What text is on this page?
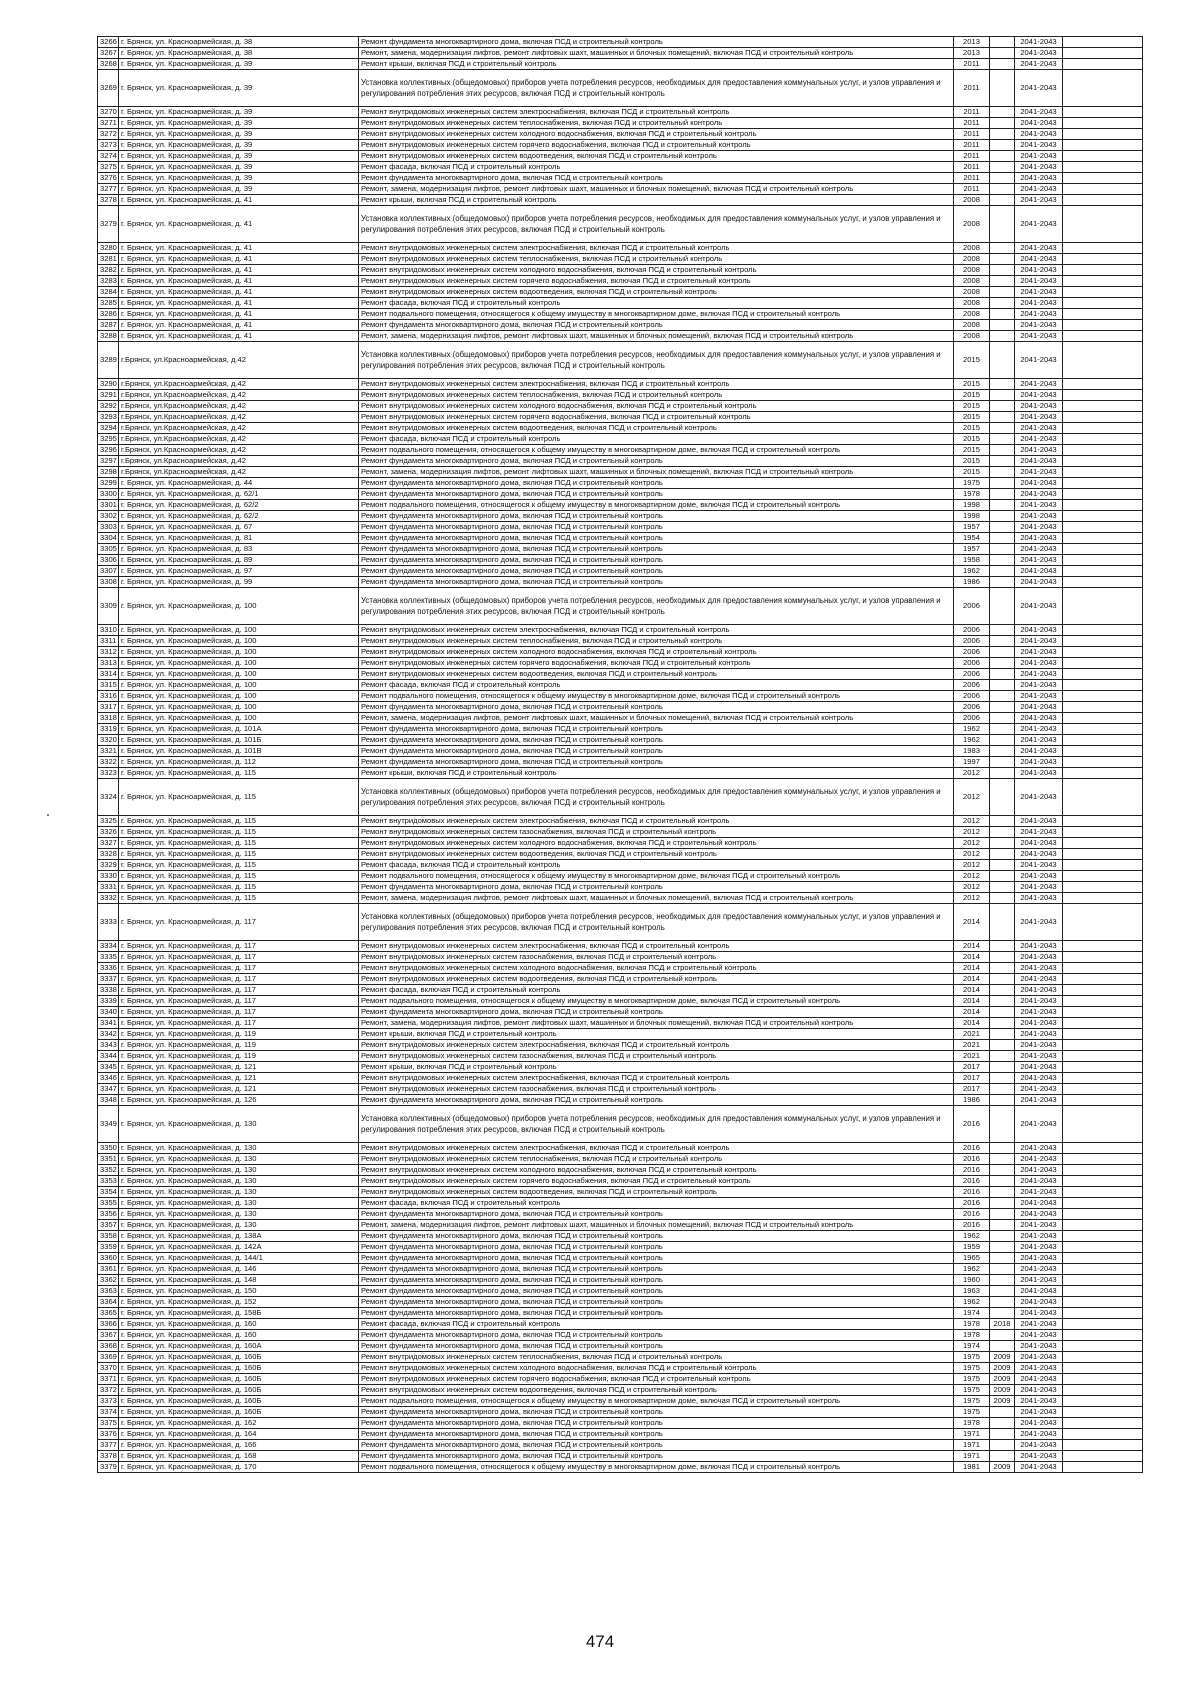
3266	г. Брянск, ул. Красноармейская, д. 38	Ремонт фундамента многоквартирного дома, включая ПСД и строительный контроль	2013		2041-2043	
3267	г. Брянск, ул. Красноармейская, д. 38	Ремонт, замена, модернизация лифтов, ремонт лифтовых шахт, машинных и блочных помещений, включая ПСД и строительный контроль	2013		2041-2043	
3268	г. Брянск, ул. Красноармейская, д. 39	Ремонт крыши, включая ПСД и строительный контроль	2011		2041-2043	
3269	г. Брянск, ул. Красноармейская, д. 39	Установка коллективных (общедомовых) приборов учета потребления ресурсов, необходимых для предоставления коммунальных услуг, и узлов управления и регулирования потребления этих ресурсов, включая ПСД и строительный контроль	2011		2041-2043	
3270	г. Брянск, ул. Красноармейская, д. 39	Ремонт внутридомовых инженерных систем электроснабжения, включая ПСД и строительный контроль	2011		2041-2043	
3271	г. Брянск, ул. Красноармейская, д. 39	Ремонт внутридомовых инженерных систем теплоснабжения, включая ПСД и строительный контроль	2011		2041-2043	
3272	г. Брянск, ул. Красноармейская, д. 39	Ремонт внутридомовых инженерных систем холодного водоснабжения, включая ПСД и строительный контроль	2011		2041-2043	
3273	г. Брянск, ул. Красноармейская, д. 39	Ремонт внутридомовых инженерных систем горячего водоснабжения, включая ПСД и строительный контроль	2011		2041-2043	
3274	г. Брянск, ул. Красноармейская, д. 39	Ремонт внутридомовых инженерных систем водоотведения, включая ПСД и строительный контроль	2011		2041-2043	
3275	г. Брянск, ул. Красноармейская, д. 39	Ремонт фасада, включая ПСД и строительный контроль	2011		2041-2043	
3276	г. Брянск, ул. Красноармейская, д. 39	Ремонт фундамента многоквартирного дома, включая ПСД и строительный контроль	2011		2041-2043	
3277	г. Брянск, ул. Красноармейская, д. 39	Ремонт, замена, модернизация лифтов, ремонт лифтовых шахт, машинных и блочных помещений, включая ПСД и строительный контроль	2011		2041-2043	
3278	г. Брянск, ул. Красноармейская, д. 41	Ремонт крыши, включая ПСД и строительный контроль	2008		2041-2043	
3279	г. Брянск, ул. Красноармейская, д. 41	Установка коллективных (общедомовых) приборов учета потребления ресурсов, необходимых для предоставления коммунальных услуг, и узлов управления и регулирования потребления этих ресурсов, включая ПСД и строительный контроль	2008		2041-2043	
3280	г. Брянск, ул. Красноармейская, д. 41	Ремонт внутридомовых инженерных систем электроснабжения, включая ПСД и строительный контроль	2008		2041-2043	
3281	г. Брянск, ул. Красноармейская, д. 41	Ремонт внутридомовых инженерных систем теплоснабжения, включая ПСД и строительный контроль	2008		2041-2043	
3282	г. Брянск, ул. Красноармейская, д. 41	Ремонт внутридомовых инженерных систем холодного водоснабжения, включая ПСД и строительный контроль	2008		2041-2043	
3283	г. Брянск, ул. Красноармейская, д. 41	Ремонт внутридомовых инженерных систем горячего водоснабжения, включая ПСД и строительный контроль	2008		2041-2043	
3284	г. Брянск, ул. Красноармейская, д. 41	Ремонт внутридомовых инженерных систем водоотведения, включая ПСД и строительный контроль	2008		2041-2043	
3285	г. Брянск, ул. Красноармейская, д. 41	Ремонт фасада, включая ПСД и строительный контроль	2008		2041-2043	
3286	г. Брянск, ул. Красноармейская, д. 41	Ремонт подвального помещения, относящегося к общему имуществу в многоквартирном доме, включая ПСД и строительный контроль	2008		2041-2043	
3287	г. Брянск, ул. Красноармейская, д. 41	Ремонт фундамента многоквартирного дома, включая ПСД и строительный контроль	2008		2041-2043	
3288	г. Брянск, ул. Красноармейская, д. 41	Ремонт, замена, модернизация лифтов, ремонт лифтовых шахт, машинных и блочных помещений, включая ПСД и строительный контроль	2008		2041-2043	
3289	г.Брянск, ул.Красноармейская, д.42	Установка коллективных (общедомовых) приборов учета потребления ресурсов, необходимых для предоставления коммунальных услуг, и узлов управления и регулирования потребления этих ресурсов, включая ПСД и строительный контроль	2015		2041-2043	
3290	г.Брянск, ул.Красноармейская, д.42	Ремонт внутридомовых инженерных систем электроснабжения, включая ПСД и строительный контроль	2015		2041-2043	
3291	г.Брянск, ул.Красноармейская, д.42	Ремонт внутридомовых инженерных систем теплоснабжения, включая ПСД и строительный контроль	2015		2041-2043	
3292	г.Брянск, ул.Красноармейская, д.42	Ремонт внутридомовых инженерных систем холодного водоснабжения, включая ПСД и строительный контроль	2015		2041-2043	
3293	г.Брянск, ул.Красноармейская, д.42	Ремонт внутридомовых инженерных систем горячего водоснабжения, включая ПСД и строительный контроль	2015		2041-2043	
3294	г.Брянск, ул.Красноармейская, д.42	Ремонт внутридомовых инженерных систем водоотведения, включая ПСД и строительный контроль	2015		2041-2043	
3295	г.Брянск, ул.Красноармейская, д.42	Ремонт фасада, включая ПСД и строительный контроль	2015		2041-2043	
3296	г.Брянск, ул.Красноармейская, д.42	Ремонт подвального помещения, относящегося к общему имуществу в многоквартирном доме, включая ПСД и строительный контроль	2015		2041-2043	
3297	г.Брянск, ул.Красноармейская, д.42	Ремонт фундамента многоквартирного дома, включая ПСД и строительный контроль	2015		2041-2043	
3298	г.Брянск, ул.Красноармейская, д.42	Ремонт, замена, модернизация лифтов, ремонт лифтовых шахт, машинных и блочных помещений, включая ПСД и строительный контроль	2015		2041-2043	
3299	г. Брянск, ул. Красноармейская, д. 44	Ремонт фундамента многоквартирного дома, включая ПСД и строительный контроль	1975		2041-2043	
3300	г. Брянск, ул. Красноармейская, д. 62/1	Ремонт фундамента многоквартирного дома, включая ПСД и строительный контроль	1978		2041-2043	
3301	г. Брянск, ул. Красноармейская, д. 62/2	Ремонт подвального помещения, относящегося к общему имуществу в многоквартирном доме, включая ПСД и строительный контроль	1998		2041-2043	
3302	г. Брянск, ул. Красноармейская, д. 62/2	Ремонт фундамента многоквартирного дома, включая ПСД и строительный контроль	1998		2041-2043	
3303	г. Брянск, ул. Красноармейская, д. 67	Ремонт фундамента многоквартирного дома, включая ПСД и строительный контроль	1957		2041-2043	
3304	г. Брянск, ул. Красноармейская, д. 81	Ремонт фундамента многоквартирного дома, включая ПСД и строительный контроль	1954		2041-2043	
3305	г. Брянск, ул. Красноармейская, д. 83	Ремонт фундамента многоквартирного дома, включая ПСД и строительный контроль	1957		2041-2043	
3306	г. Брянск, ул. Красноармейская, д. 89	Ремонт фундамента многоквартирного дома, включая ПСД и строительный контроль	1958		2041-2043	
3307	г. Брянск, ул. Красноармейская, д. 97	Ремонт фундамента многоквартирного дома, включая ПСД и строительный контроль	1962		2041-2043	
3308	г. Брянск, ул. Красноармейская, д. 99	Ремонт фундамента многоквартирного дома, включая ПСД и строительный контроль	1986		2041-2043	
3309	г. Брянск, ул. Красноармейская, д. 100	Установка коллективных (общедомовых) приборов учета потребления ресурсов, необходимых для предоставления коммунальных услуг, и узлов управления и регулирования потребления этих ресурсов, включая ПСД и строительный контроль	2006		2041-2043	
3310	г. Брянск, ул. Красноармейская, д. 100	Ремонт внутридомовых инженерных систем электроснабжения, включая ПСД и строительный контроль	2006		2041-2043	
3311	г. Брянск, ул. Красноармейская, д. 100	Ремонт внутридомовых инженерных систем теплоснабжения, включая ПСД и строительный контроль	2006		2041-2043	
3312	г. Брянск, ул. Красноармейская, д. 100	Ремонт внутридомовых инженерных систем холодного водоснабжения, включая ПСД и строительный контроль	2006		2041-2043	
3313	г. Брянск, ул. Красноармейская, д. 100	Ремонт внутридомовых инженерных систем горячего водоснабжения, включая ПСД и строительный контроль	2006		2041-2043	
3314	г. Брянск, ул. Красноармейская, д. 100	Ремонт внутридомовых инженерных систем водоотведения, включая ПСД и строительный контроль	2006		2041-2043	
3315	г. Брянск, ул. Красноармейская, д. 100	Ремонт фасада, включая ПСД и строительный контроль	2006		2041-2043	
3316	г. Брянск, ул. Красноармейская, д. 100	Ремонт подвального помещения, относящегося к общему имуществу в многоквартирном доме, включая ПСД и строительный контроль	2006		2041-2043	
3317	г. Брянск, ул. Красноармейская, д. 100	Ремонт фундамента многоквартирного дома, включая ПСД и строительный контроль	2006		2041-2043	
3318	г. Брянск, ул. Красноармейская, д. 100	Ремонт, замена, модернизация лифтов, ремонт лифтовых шахт, машинных и блочных помещений, включая ПСД и строительный контроль	2006		2041-2043	
3319	г. Брянск, ул. Красноармейская, д. 101А	Ремонт фундамента многоквартирного дома, включая ПСД и строительный контроль	1962		2041-2043	
3320	г. Брянск, ул. Красноармейская, д. 101Б	Ремонт фундамента многоквартирного дома, включая ПСД и строительный контроль	1962		2041-2043	
3321	г. Брянск, ул. Красноармейская, д. 101В	Ремонт фундамента многоквартирного дома, включая ПСД и строительный контроль	1983		2041-2043	
3322	г. Брянск, ул. Красноармейская, д. 112	Ремонт фундамента многоквартирного дома, включая ПСД и строительный контроль	1997		2041-2043	
3323	г. Брянск, ул. Красноармейская, д. 115	Ремонт крыши, включая ПСД и строительный контроль	2012		2041-2043	
3324	г. Брянск, ул. Красноармейская, д. 115	Установка коллективных (общедомовых) приборов учета потребления ресурсов, необходимых для предоставления коммунальных услуг, и узлов управления и регулирования потребления этих ресурсов, включая ПСД и строительный контроль	2012		2041-2043	
3325	г. Брянск, ул. Красноармейская, д. 115	Ремонт внутридомовых инженерных систем электроснабжения, включая ПСД и строительный контроль	2012		2041-2043	
3326	г. Брянск, ул. Красноармейская, д. 115	Ремонт внутридомовых инженерных систем газоснабжения, включая ПСД и строительный контроль	2012		2041-2043	
3327	г. Брянск, ул. Красноармейская, д. 115	Ремонт внутридомовых инженерных систем холодного водоснабжения, включая ПСД и строительный контроль	2012		2041-2043	
3328	г. Брянск, ул. Красноармейская, д. 115	Ремонт внутридомовых инженерных систем водоотведения, включая ПСД и строительный контроль	2012		2041-2043	
3329	г. Брянск, ул. Красноармейская, д. 115	Ремонт фасада, включая ПСД и строительный контроль	2012		2041-2043	
3330	г. Брянск, ул. Красноармейская, д. 115	Ремонт подвального помещения, относящегося к общему имуществу в многоквартирном доме, включая ПСД и строительный контроль	2012		2041-2043	
3331	г. Брянск, ул. Красноармейская, д. 115	Ремонт фундамента многоквартирного дома, включая ПСД и строительный контроль	2012		2041-2043	
3332	г. Брянск, ул. Красноармейская, д. 115	Ремонт, замена, модернизация лифтов, ремонт лифтовых шахт, машинных и блочных помещений, включая ПСД и строительный контроль	2012		2041-2043	
3333	г. Брянск, ул. Красноармейская, д. 117	Установка коллективных (общедомовых) приборов учета потребления ресурсов, необходимых для предоставления коммунальных услуг, и узлов управления и регулирования потребления этих ресурсов, включая ПСД и строительный контроль	2014		2041-2043	
3334	г. Брянск, ул. Красноармейская, д. 117	Ремонт внутридомовых инженерных систем электроснабжения, включая ПСД и строительный контроль	2014		2041-2043	
3335	г. Брянск, ул. Красноармейская, д. 117	Ремонт внутридомовых инженерных систем газоснабжения, включая ПСД и строительный контроль	2014		2041-2043	
3336	г. Брянск, ул. Красноармейская, д. 117	Ремонт внутридомовых инженерных систем холодного водоснабжения, включая ПСД и строительный контроль	2014		2041-2043	
3337	г. Брянск, ул. Красноармейская, д. 117	Ремонт внутридомовых инженерных систем водоотведения, включая ПСД и строительный контроль	2014		2041-2043	
3338	г. Брянск, ул. Красноармейская, д. 117	Ремонт фасада, включая ПСД и строительный контроль	2014		2041-2043	
3339	г. Брянск, ул. Красноармейская, д. 117	Ремонт подвального помещения, относящегося к общему имуществу в многоквартирном доме, включая ПСД и строительный контроль	2014		2041-2043	
3340	г. Брянск, ул. Красноармейская, д. 117	Ремонт фундамента многоквартирного дома, включая ПСД и строительный контроль	2014		2041-2043	
3341	г. Брянск, ул. Красноармейская, д. 117	Ремонт, замена, модернизация лифтов, ремонт лифтовых шахт, машинных и блочных помещений, включая ПСД и строительный контроль	2014		2041-2043	
3342	г. Брянск, ул. Красноармейская, д. 119	Ремонт крыши, включая ПСД и строительный контроль	2021		2041-2043	
3343	г. Брянск, ул. Красноармейская, д. 119	Ремонт внутридомовых инженерных систем электроснабжения, включая ПСД и строительный контроль	2021		2041-2043	
3344	г. Брянск, ул. Красноармейская, д. 119	Ремонт внутридомовых инженерных систем газоснабжения, включая ПСД и строительный контроль	2021		2041-2043	
3345	г. Брянск, ул. Красноармейская, д. 121	Ремонт крыши, включая ПСД и строительный контроль	2017		2041-2043	
3346	г. Брянск, ул. Красноармейская, д. 121	Ремонт внутридомовых инженерных систем электроснабжения, включая ПСД и строительный контроль	2017		2041-2043	
3347	г. Брянск, ул. Красноармейская, д. 121	Ремонт внутридомовых инженерных систем газоснабжения, включая ПСД и строительный контроль	2017		2041-2043	
3348	г. Брянск, ул. Красноармейская, д. 126	Ремонт фундамента многоквартирного дома, включая ПСД и строительный контроль	1986		2041-2043	
3349	г. Брянск, ул. Красноармейская, д. 130	Установка коллективных (общедомовых) приборов учета потребления ресурсов, необходимых для предоставления коммунальных услуг, и узлов управления и регулирования потребления этих ресурсов, включая ПСД и строительный контроль	2016		2041-2043	
3350	г. Брянск, ул. Красноармейская, д. 130	Ремонт внутридомовых инженерных систем электроснабжения, включая ПСД и строительный контроль	2016		2041-2043	
3351	г. Брянск, ул. Красноармейская, д. 130	Ремонт внутридомовых инженерных систем теплоснабжения, включая ПСД и строительный контроль	2016		2041-2043	
3352	г. Брянск, ул. Красноармейская, д. 130	Ремонт внутридомовых инженерных систем холодного водоснабжения, включая ПСД и строительный контроль	2016		2041-2043	
3353	г. Брянск, ул. Красноармейская, д. 130	Ремонт внутридомовых инженерных систем горячего водоснабжения, включая ПСД и строительный контроль	2016		2041-2043	
3354	г. Брянск, ул. Красноармейская, д. 130	Ремонт внутридомовых инженерных систем водоотведения, включая ПСД и строительный контроль	2016		2041-2043	
3355	г. Брянск, ул. Красноармейская, д. 130	Ремонт фасада, включая ПСД и строительный контроль	2016		2041-2043	
3356	г. Брянск, ул. Красноармейская, д. 130	Ремонт фундамента многоквартирного дома, включая ПСД и строительный контроль	2016		2041-2043	
3357	г. Брянск, ул. Красноармейская, д. 130	Ремонт, замена, модернизация лифтов, ремонт лифтовых шахт, машинных и блочных помещений, включая ПСД и строительный контроль	2016		2041-2043	
3358	г. Брянск, ул. Красноармейская, д. 138А	Ремонт фундамента многоквартирного дома, включая ПСД и строительный контроль	1962		2041-2043	
3359	г. Брянск, ул. Красноармейская, д. 142А	Ремонт фундамента многоквартирного дома, включая ПСД и строительный контроль	1959		2041-2043	
3360	г. Брянск, ул. Красноармейская, д. 144/1	Ремонт фундамента многоквартирного дома, включая ПСД и строительный контроль	1965		2041-2043	
3361	г. Брянск, ул. Красноармейская, д. 146	Ремонт фундамента многоквартирного дома, включая ПСД и строительный контроль	1962		2041-2043	
3362	г. Брянск, ул. Красноармейская, д. 148	Ремонт фундамента многоквартирного дома, включая ПСД и строительный контроль	1960		2041-2043	
3363	г. Брянск, ул. Красноармейская, д. 150	Ремонт фундамента многоквартирного дома, включая ПСД и строительный контроль	1963		2041-2043	
3364	г. Брянск, ул. Красноармейская, д. 152	Ремонт фундамента многоквартирного дома, включая ПСД и строительный контроль	1962		2041-2043	
3365	г. Брянск, ул. Красноармейская, д. 158Б	Ремонт фундамента многоквартирного дома, включая ПСД и строительный контроль	1974		2041-2043	
3366	г. Брянск, ул. Красноармейская, д. 160	Ремонт фасада, включая ПСД и строительный контроль	1978	2018	2041-2043	
3367	г. Брянск, ул. Красноармейская, д. 160	Ремонт фундамента многоквартирного дома, включая ПСД и строительный контроль	1978		2041-2043	
3368	г. Брянск, ул. Красноармейская, д. 160А	Ремонт фундамента многоквартирного дома, включая ПСД и строительный контроль	1974		2041-2043	
3369	г. Брянск, ул. Красноармейская, д. 160Б	Ремонт внутридомовых инженерных систем теплоснабжения, включая ПСД и строительный контроль	1975	2009	2041-2043	
3370	г. Брянск, ул. Красноармейская, д. 160Б	Ремонт внутридомовых инженерных систем холодного водоснабжения, включая ПСД и строительный контроль	1975	2009	2041-2043	
3371	г. Брянск, ул. Красноармейская, д. 160Б	Ремонт внутридомовых инженерных систем горячего водоснабжения, включая ПСД и строительный контроль	1975	2009	2041-2043	
3372	г. Брянск, ул. Красноармейская, д. 160Б	Ремонт внутридомовых инженерных систем водоотведения, включая ПСД и строительный контроль	1975	2009	2041-2043	
3373	г. Брянск, ул. Красноармейская, д. 160Б	Ремонт подвального помещения, относящегося к общему имуществу в многоквартирном доме, включая ПСД и строительный контроль	1975	2009	2041-2043	
3374	г. Брянск, ул. Красноармейская, д. 160Б	Ремонт фундамента многоквартирного дома, включая ПСД и строительный контроль	1975		2041-2043	
3375	г. Брянск, ул. Красноармейская, д. 162	Ремонт фундамента многоквартирного дома, включая ПСД и строительный контроль	1978		2041-2043	
3376	г. Брянск, ул. Красноармейская, д. 164	Ремонт фундамента многоквартирного дома, включая ПСД и строительный контроль	1971		2041-2043	
3377	г. Брянск, ул. Красноармейская, д. 166	Ремонт фундамента многоквартирного дома, включая ПСД и строительный контроль	1971		2041-2043	
3378	г. Брянск, ул. Красноармейская, д. 168	Ремонт фундамента многоквартирного дома, включая ПСД и строительный контроль	1971		2041-2043	
3379	г. Брянск, ул. Красноармейская, д. 170	Ремонт подвального помещения, относящегося к общему имуществу в многоквартирном доме, включая ПСД и строительный контроль	1981	2009	2041-2043	
474
